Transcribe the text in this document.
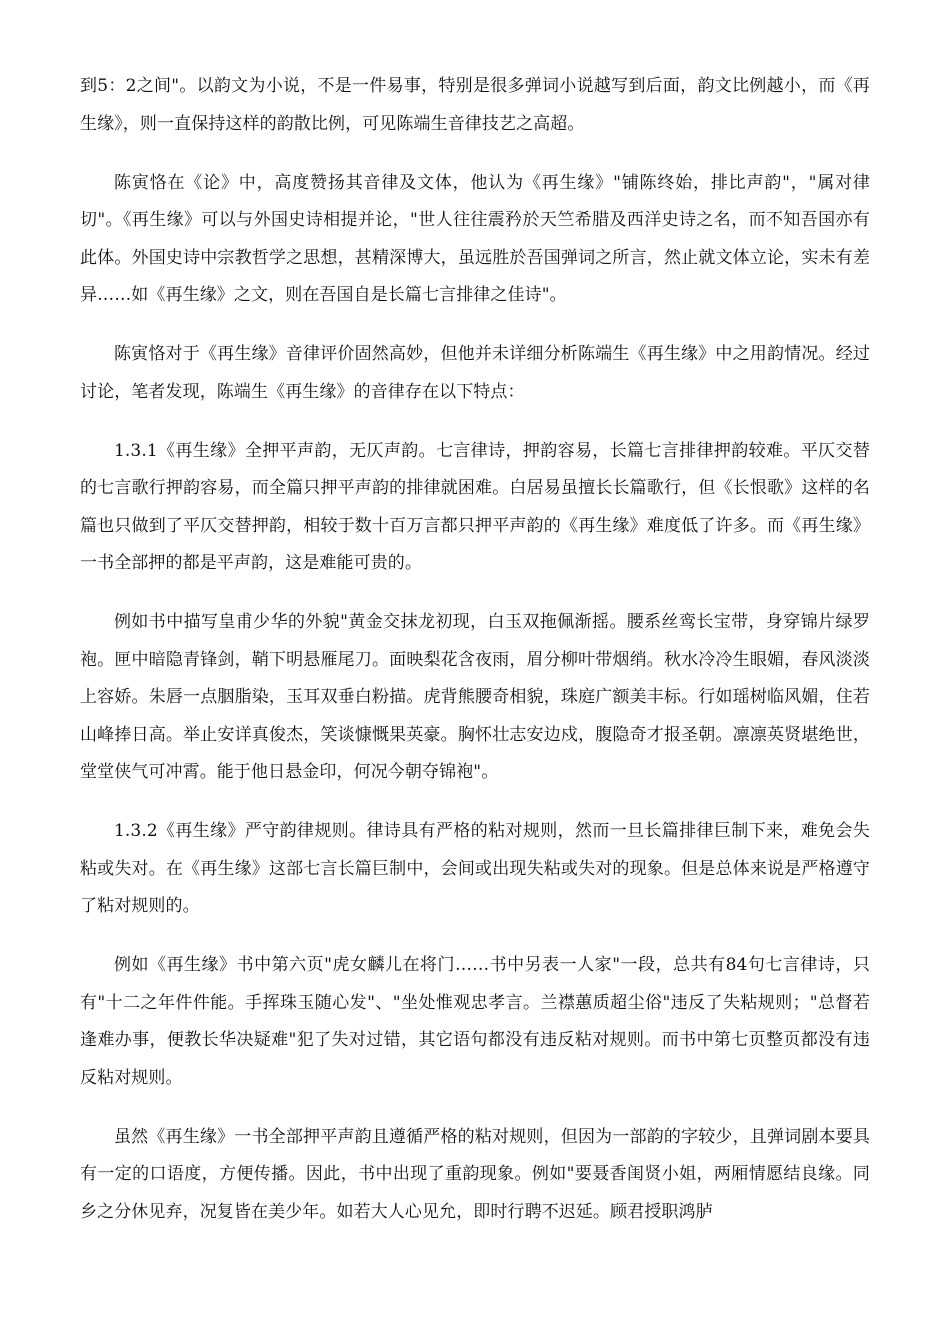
到5：2之间"。以韵文为小说，不是一件易事，特别是很多弹词小说越写到后面，韵文比例越小，而《再生缘》，则一直保持这样的韵散比例，可见陈端生音律技艺之高超。

陈寅恪在《论》中，高度赞扬其音律及文体，他认为《再生缘》"铺陈终始，排比声韵"，"属对律切"。《再生缘》可以与外国史诗相提并论，"世人往往震矜於天竺希腊及西洋史诗之名，而不知吾国亦有此体。外国史诗中宗教哲学之思想，甚精深博大，虽远胜於吾国弹词之所言，然止就文体立论，实未有差异……如《再生缘》之文，则在吾国自是长篇七言排律之佳诗"。

陈寅恪对于《再生缘》音律评价固然高妙，但他并未详细分析陈端生《再生缘》中之用韵情况。经过讨论，笔者发现，陈端生《再生缘》的音律存在以下特点：

1.3.1《再生缘》全押平声韵，无仄声韵。七言律诗，押韵容易，长篇七言排律押韵较难。平仄交替的七言歌行押韵容易，而全篇只押平声韵的排律就困难。白居易虽擅长长篇歌行，但《长恨歌》这样的名篇也只做到了平仄交替押韵，相较于数十百万言都只押平声韵的《再生缘》难度低了许多。而《再生缘》一书全部押的都是平声韵，这是难能可贵的。

例如书中描写皇甫少华的外貌"黄金交抹龙初现，白玉双拖佩渐摇。腰系丝鸾长宝带，身穿锦片绿罗袍。匣中暗隐青锋剑，鞘下明悬雁尾刀。面映梨花含夜雨，眉分柳叶带烟绡。秋水冷冷生眼媚，春风淡淡上容娇。朱唇一点胭脂染，玉耳双垂白粉描。虎背熊腰奇相貌，珠庭广额美丰标。行如瑶树临风媚，住若山峰捧日高。举止安详真俊杰，笑谈慷慨果英豪。胸怀壮志安边戍，腹隐奇才报圣朝。凛凛英贤堪绝世，堂堂侠气可冲霄。能于他日悬金印，何况今朝夺锦袍"。

1.3.2《再生缘》严守韵律规则。律诗具有严格的粘对规则，然而一旦长篇排律巨制下来，难免会失粘或失对。在《再生缘》这部七言长篇巨制中，会间或出现失粘或失对的现象。但是总体来说是严格遵守了粘对规则的。

例如《再生缘》书中第六页"虎女麟儿在将门……书中另表一人家"一段，总共有84句七言律诗，只有"十二之年件件能。手挥珠玉随心发"、"坐处惟观忠孝言。兰襟蕙质超尘俗"违反了失粘规则；"总督若逢难办事，便教长华决疑难"犯了失对过错，其它语句都没有违反粘对规则。而书中第七页整页都没有违反粘对规则。

虽然《再生缘》一书全部押平声韵且遵循严格的粘对规则，但因为一部韵的字较少，且弹词剧本要具有一定的口语度，方便传播。因此，书中出现了重韵现象。例如"要聂香闺贤小姐，两厢情愿结良缘。同乡之分休见弃，况复皆在美少年。如若大人心见允，即时行聘不迟延。顾君授职鸿胪
